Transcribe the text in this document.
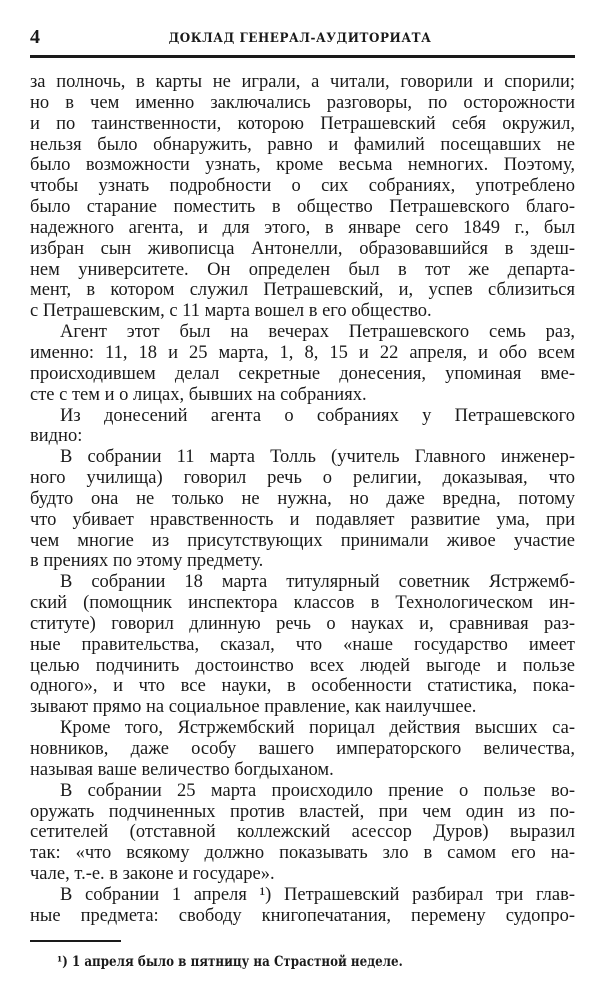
4	ДОКЛАД ГЕНЕРАЛ-АУДИТОРИАТА
за полночь, в карты не играли, а читали, говорили и спорили;
но в чем именно заключались разговоры, по осторожности
и по таинственности, которою Петрашевский себя окружил,
нельзя было обнаружить, равно и фамилий посещавших не
было возможности узнать, кроме весьма немногих. Поэтому,
чтобы узнать подробности о сих собраниях, употреблено
было старание поместить в общество Петрашевского благо-
надежного агента, и для этого, в январе сего 1849 г., был
избран сын живописца Антонелли, образовавшийся в здеш-
нем университете. Он определен был в тот же департа-
мент, в котором служил Петрашевский, и, успев сблизиться
с Петрашевским, с 11 марта вошел в его общество.
Агент этот был на вечерах Петрашевского семь раз,
именно: 11, 18 и 25 марта, 1, 8, 15 и 22 апреля, и обо всем
происходившем делал секретные донесения, упоминая вме-
сте с тем и о лицах, бывших на собраниях.
Из донесений агента о собраниях у Петрашевского
видно:
В собрании 11 марта Толль (учитель Главного инженер-
ного училища) говорил речь о религии, доказывая, что
будто она не только не нужна, но даже вредна, потому
что убивает нравственность и подавляет развитие ума, при
чем многие из присутствующих принимали живое участие
в прениях по этому предмету.
В собрании 18 марта титулярный советник Ястржемб-
ский (помощник инспектора классов в Технологическом ин-
ституте) говорил длинную речь о науках и, сравнивая раз-
ные правительства, сказал, что «наше государство имеет
целью подчинить достоинство всех людей выгоде и пользе
одного», и что все науки, в особенности статистика, пока-
зывают прямо на социальное правление, как наилучшее.
Кроме того, Ястржембский порицал действия высших са-
новников, даже особу вашего императорского величества,
называя ваше величество богдыханом.
В собрании 25 марта происходило прение о пользе во-
оружать подчиненных против властей, при чем один из по-
сетителей (отставной коллежский асессор Дуров) выразил
так: «что всякому должно показывать зло в самом его на-
чале, т.-е. в законе и государе».
В собрании 1 апреля ¹) Петрашевский разбирал три глав-
ные предмета: свободу книгопечатания, перемену судопро-
¹) 1 апреля было в пятницу на Страстной неделе.
